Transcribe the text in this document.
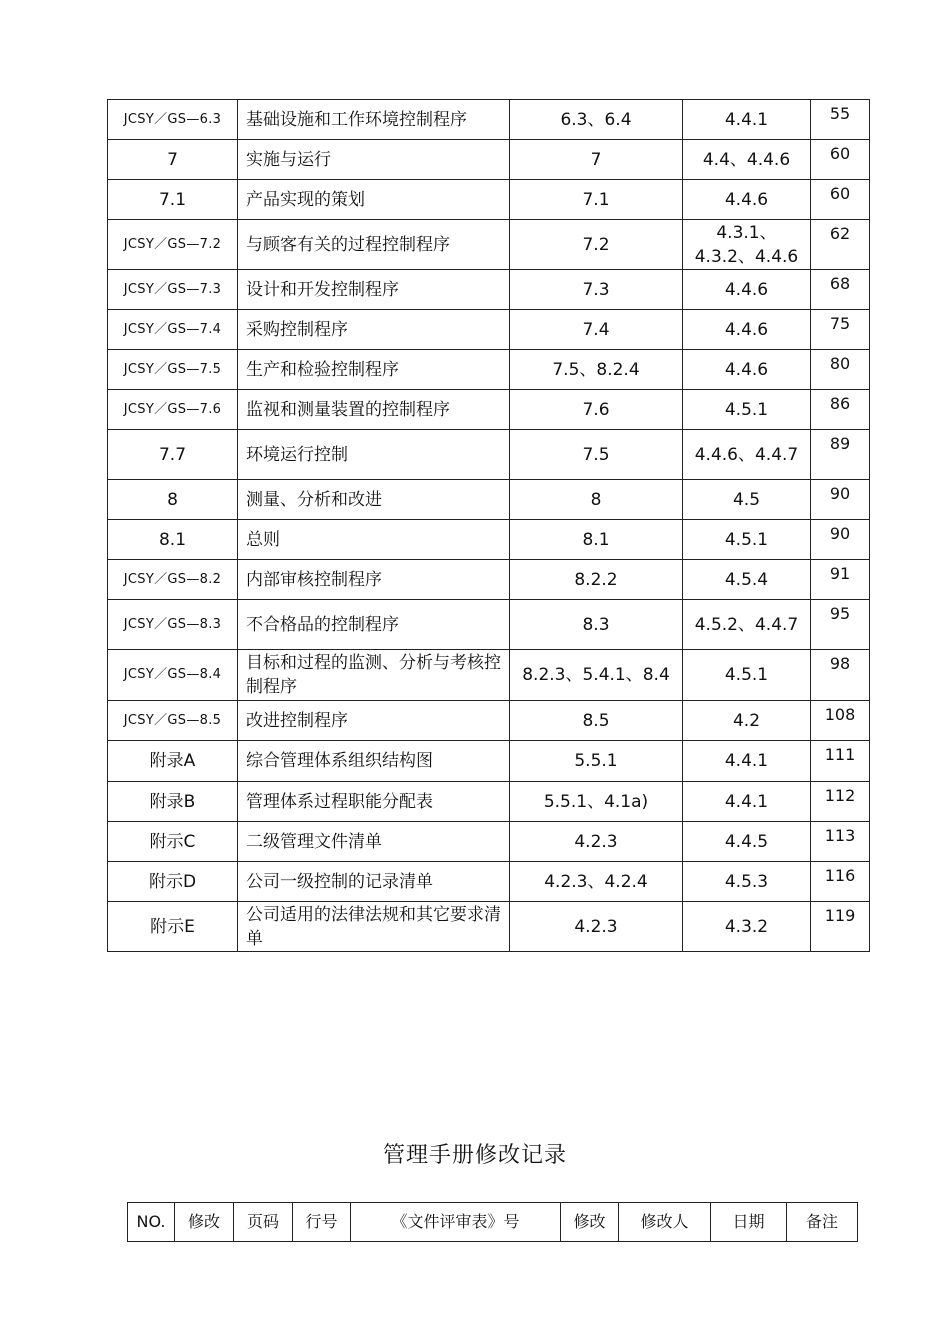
JCSY／GS—6.3	基础设施和工作环境控制程序	6.3、6.4	4.4.1	55
7	实施与运行	7	4.4、4.4.6	60
7.1	产品实现的策划	7.1	4.4.6	60
JCSY／GS—7.2	与顾客有关的过程控制程序	7.2	4.3.1、4.3.2、4.4.6	62
JCSY／GS—7.3	设计和开发控制程序	7.3	4.4.6	68
JCSY／GS—7.4	采购控制程序	7.4	4.4.6	75
JCSY／GS—7.5	生产和检验控制程序	7.5、8.2.4	4.4.6	80
JCSY／GS—7.6	监视和测量装置的控制程序	7.6	4.5.1	86
7.7	环境运行控制	7.5	4.4.6、4.4.7	89
8	测量、分析和改进	8	4.5	90
8.1	总则	8.1	4.5.1	90
JCSY／GS—8.2	内部审核控制程序	8.2.2	4.5.4	91
JCSY／GS—8.3	不合格品的控制程序	8.3	4.5.2、4.4.7	95
JCSY／GS—8.4	目标和过程的监测、分析与考核控制程序	8.2.3、5.4.1、8.4	4.5.1	98
JCSY／GS—8.5	改进控制程序	8.5	4.2	108
附录A	综合管理体系组织结构图	5.5.1	4.4.1	111
附录B	管理体系过程职能分配表	5.5.1、4.1a)	4.4.1	112
附示C	二级管理文件清单	4.2.3	4.4.5	113
附示D	公司一级控制的记录清单	4.2.3、4.2.4	4.5.3	116
附示E	公司适用的法律法规和其它要求清单	4.2.3	4.3.2	119
管理手册修改记录
NO.	修改	页码	行号	《文件评审表》号	修改	修改人	日期	备注
